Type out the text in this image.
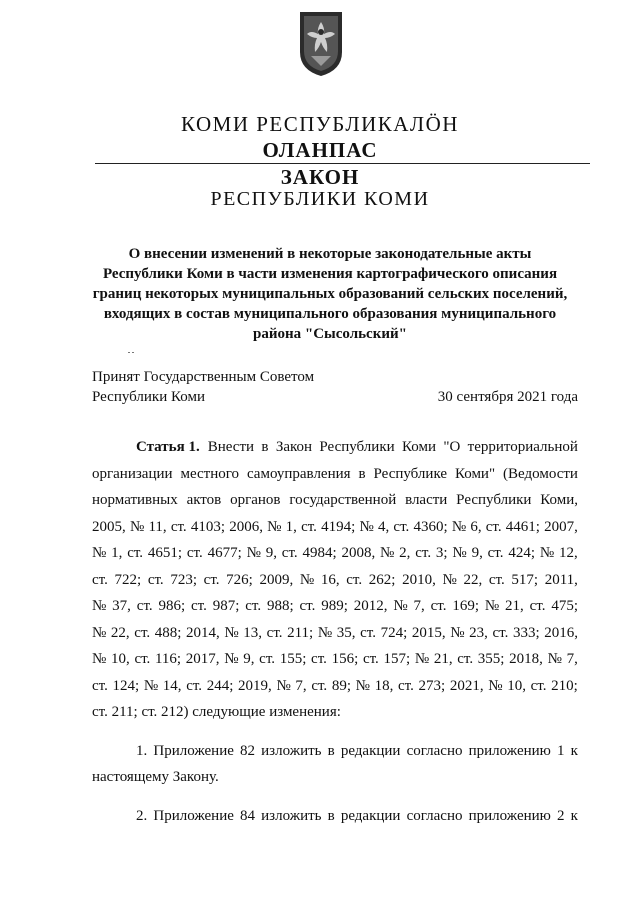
КОМИ РЕСПУБЛИКАЛÖН
ОЛАНПАС
ЗАКОН
РЕСПУБЛИКИ КОМИ
О внесении изменений в некоторые законодательные акты
Республики Коми в части изменения картографического описания
границ некоторых муниципальных образований сельских поселений,
входящих в состав муниципального образования муниципального
района "Сысольский"
Принят Государственным Советом
Республики Коми	30 сентября 2021 года
Статья 1. Внести в Закон Республики Коми "О территориальной
организации местного самоуправления в Республике Коми" (Ведомости
нормативных актов органов государственной власти Республики Коми,
2005, № 11, ст. 4103; 2006, № 1, ст. 4194; № 4, ст. 4360; № 6, ст. 4461; 2007,
№ 1, ст. 4651; ст. 4677; № 9, ст. 4984; 2008, № 2, ст. 3; № 9, ст. 424; № 12,
ст. 722; ст. 723; ст. 726; 2009, № 16, ст. 262; 2010, № 22, ст. 517; 2011,
№ 37, ст. 986; ст. 987; ст. 988; ст. 989; 2012, № 7, ст. 169; № 21, ст. 475;
№ 22, ст. 488; 2014, № 13, ст. 211; № 35, ст. 724; 2015, № 23, ст. 333; 2016,
№ 10, ст. 116; 2017, № 9, ст. 155; ст. 156; ст. 157; № 21, ст. 355; 2018, № 7,
ст. 124; № 14, ст. 244; 2019, № 7, ст. 89; № 18, ст. 273; 2021, № 10, ст. 210;
ст. 211; ст. 212) следующие изменения:
1. Приложение 82 изложить в редакции согласно приложению 1 к
настоящему Закону.
2. Приложение 84 изложить в редакции согласно приложению 2 к
